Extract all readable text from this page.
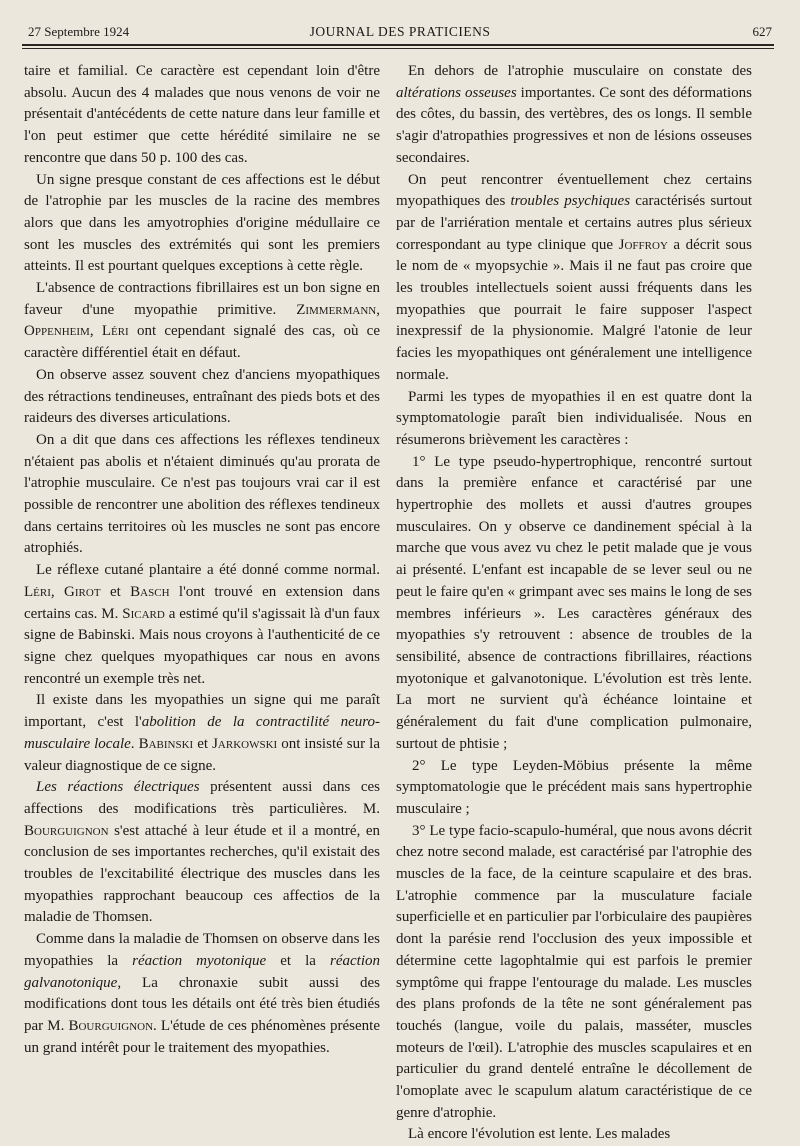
27 Septembre 1924	JOURNAL DES PRATICIENS	627

taire et familial. Ce caractère est cependant loin d'être absolu. Aucun des 4 malades que nous venons de voir ne présentait d'antécédents de cette nature dans leur famille et l'on peut estimer que cette hérédité similaire ne se rencontre que dans 50 p. 100 des cas.

Un signe presque constant de ces affections est le début de l'atrophie par les muscles de la racine des membres alors que dans les amyotrophies d'origine médullaire ce sont les muscles des extrémités qui sont les premiers atteints. Il est pourtant quelques exceptions à cette règle.

L'absence de contractions fibrillaires est un bon signe en faveur d'une myopathie primitive. Zimmermann, Oppenheim, Léri ont cependant signalé des cas, où ce caractère différentiel était en défaut.

On observe assez souvent chez d'anciens myopathiques des rétractions tendineuses, entraînant des pieds bots et des raideurs des diverses articulations.

On a dit que dans ces affections les réflexes tendineux n'étaient pas abolis et n'étaient diminués qu'au prorata de l'atrophie musculaire. Ce n'est pas toujours vrai car il est possible de rencontrer une abolition des réflexes tendineux dans certains territoires où les muscles ne sont pas encore atrophiés.

Le réflexe cutané plantaire a été donné comme normal. Léri, Girot et Basch l'ont trouvé en extension dans certains cas. M. Sicard a estimé qu'il s'agissait là d'un faux signe de Babinski. Mais nous croyons à l'authenticité de ce signe chez quelques myopathiques car nous en avons rencontré un exemple très net.

Il existe dans les myopathies un signe qui me paraît important, c'est l'abolition de la contractilité neuro-musculaire locale. Babinski et Jarkowski ont insisté sur la valeur diagnostique de ce signe.

Les réactions électriques présentent aussi dans ces affections des modifications très particulières. M. Bourguignon s'est attaché à leur étude et il a montré, en conclusion de ses importantes recherches, qu'il existait des troubles de l'excitabilité électrique des muscles dans les myopathies rapprochant beaucoup ces affectios de la maladie de Thomsen.

Comme dans la maladie de Thomsen on observe dans les myopathies la réaction myotonique et la réaction galvanotonique, La chronaxie subit aussi des modifications dont tous les détails ont été très bien étudiés par M. Bourguignon. L'étude de ces phénomènes présente un grand intérêt pour le traitement des myopathies.

En dehors de l'atrophie musculaire on constate des altérations osseuses importantes. Ce sont des déformations des côtes, du bassin, des vertèbres, des os longs. Il semble s'agir d'atropathies progressives et non de lésions osseuses secondaires.

On peut rencontrer éventuellement chez certains myopathiques des troubles psychiques caractérisés surtout par de l'arriération mentale et certains autres plus sérieux correspondant au type clinique que Joffroy a décrit sous le nom de « myopsychie ». Mais il ne faut pas croire que les troubles intellectuels soient aussi fréquents dans les myopathies que pourrait le faire supposer l'aspect inexpressif de la physionomie. Malgré l'atonie de leur facies les myopathiques ont généralement une intelligence normale.

Parmi les types de myopathies il en est quatre dont la symptomatologie paraît bien individualisée. Nous en résumerons brièvement les caractères :

1° Le type pseudo-hypertrophique, rencontré surtout dans la première enfance et caractérisé par une hypertrophie des mollets et aussi d'autres groupes musculaires. On y observe ce dandinement spécial à la marche que vous avez vu chez le petit malade que je vous ai présenté. L'enfant est incapable de se lever seul ou ne peut le faire qu'en « grimpant avec ses mains le long de ses membres inférieurs ». Les caractères généraux des myopathies s'y retrouvent : absence de troubles de la sensibilité, absence de contractions fibrillaires, réactions myotonique et galvanotonique. L'évolution est très lente. La mort ne survient qu'à échéance lointaine et généralement du fait d'une complication pulmonaire, surtout de phtisie ;

2° Le type Leyden-Möbius présente la même symptomatologie que le précédent mais sans hypertrophie musculaire ;

3° Le type facio-scapulo-huméral, que nous avons décrit chez notre second malade, est caractérisé par l'atrophie des muscles de la face, de la ceinture scapulaire et des bras. L'atrophie commence par la musculature faciale superficielle et en particulier par l'orbiculaire des paupières dont la parésie rend l'occlusion des yeux impossible et détermine cette lagophtalmie qui est parfois le premier symptôme qui frappe l'entourage du malade. Les muscles des plans profonds de la tête ne sont généralement pas touchés (langue, voile du palais, masséter, muscles moteurs de l'œil). L'atrophie des muscles scapulaires et en particulier du grand dentelé entraîne le décollement de l'omoplate avec le scapulum alatum caractéristique de ce genre d'atrophie.

Là encore l'évolution est lente. Les malades
